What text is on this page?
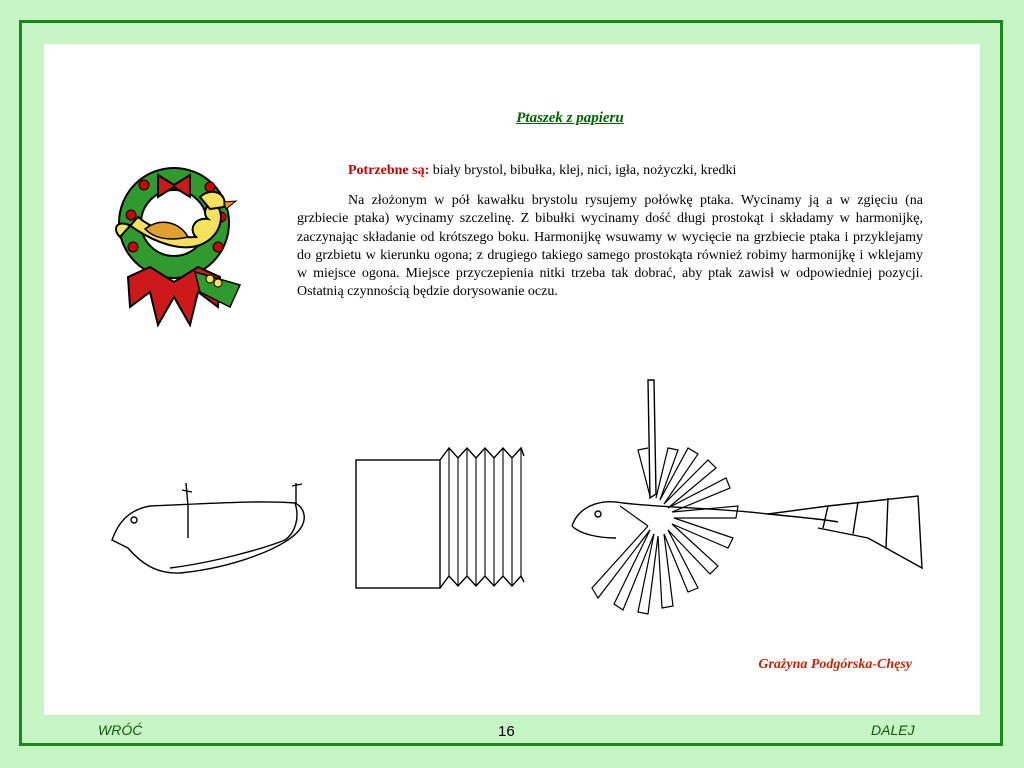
Ptaszek z papieru
Potrzebne są: biały brystol, bibułka, klej, nici, igła, nożyczki, kredki

Na złożonym w pół kawałku brystolu rysujemy połówkę ptaka. Wycinamy ją a w zgięciu (na grzbiecie ptaka) wycinamy szczelinę. Z bibułki wycinamy dość długi prostokąt i składamy w harmonijkę, zaczynając składanie od krótszego boku. Harmonijkę wsuwamy w wycięcie na grzbiecie ptaka i przyklejamy do grzbietu w kierunku ogona; z drugiego takiego samego prostokąta również robimy harmonijkę i wklejamy w miejsce ogona. Miejsce przyczepienia nitki trzeba tak dobrać, aby ptak zawisł w odpowiedniej pozycji. Ostatnią czynnością będzie dorysowanie oczu.

Grażyna Podgórska-Chęsy
WRÓĆ	16	DALEJ
